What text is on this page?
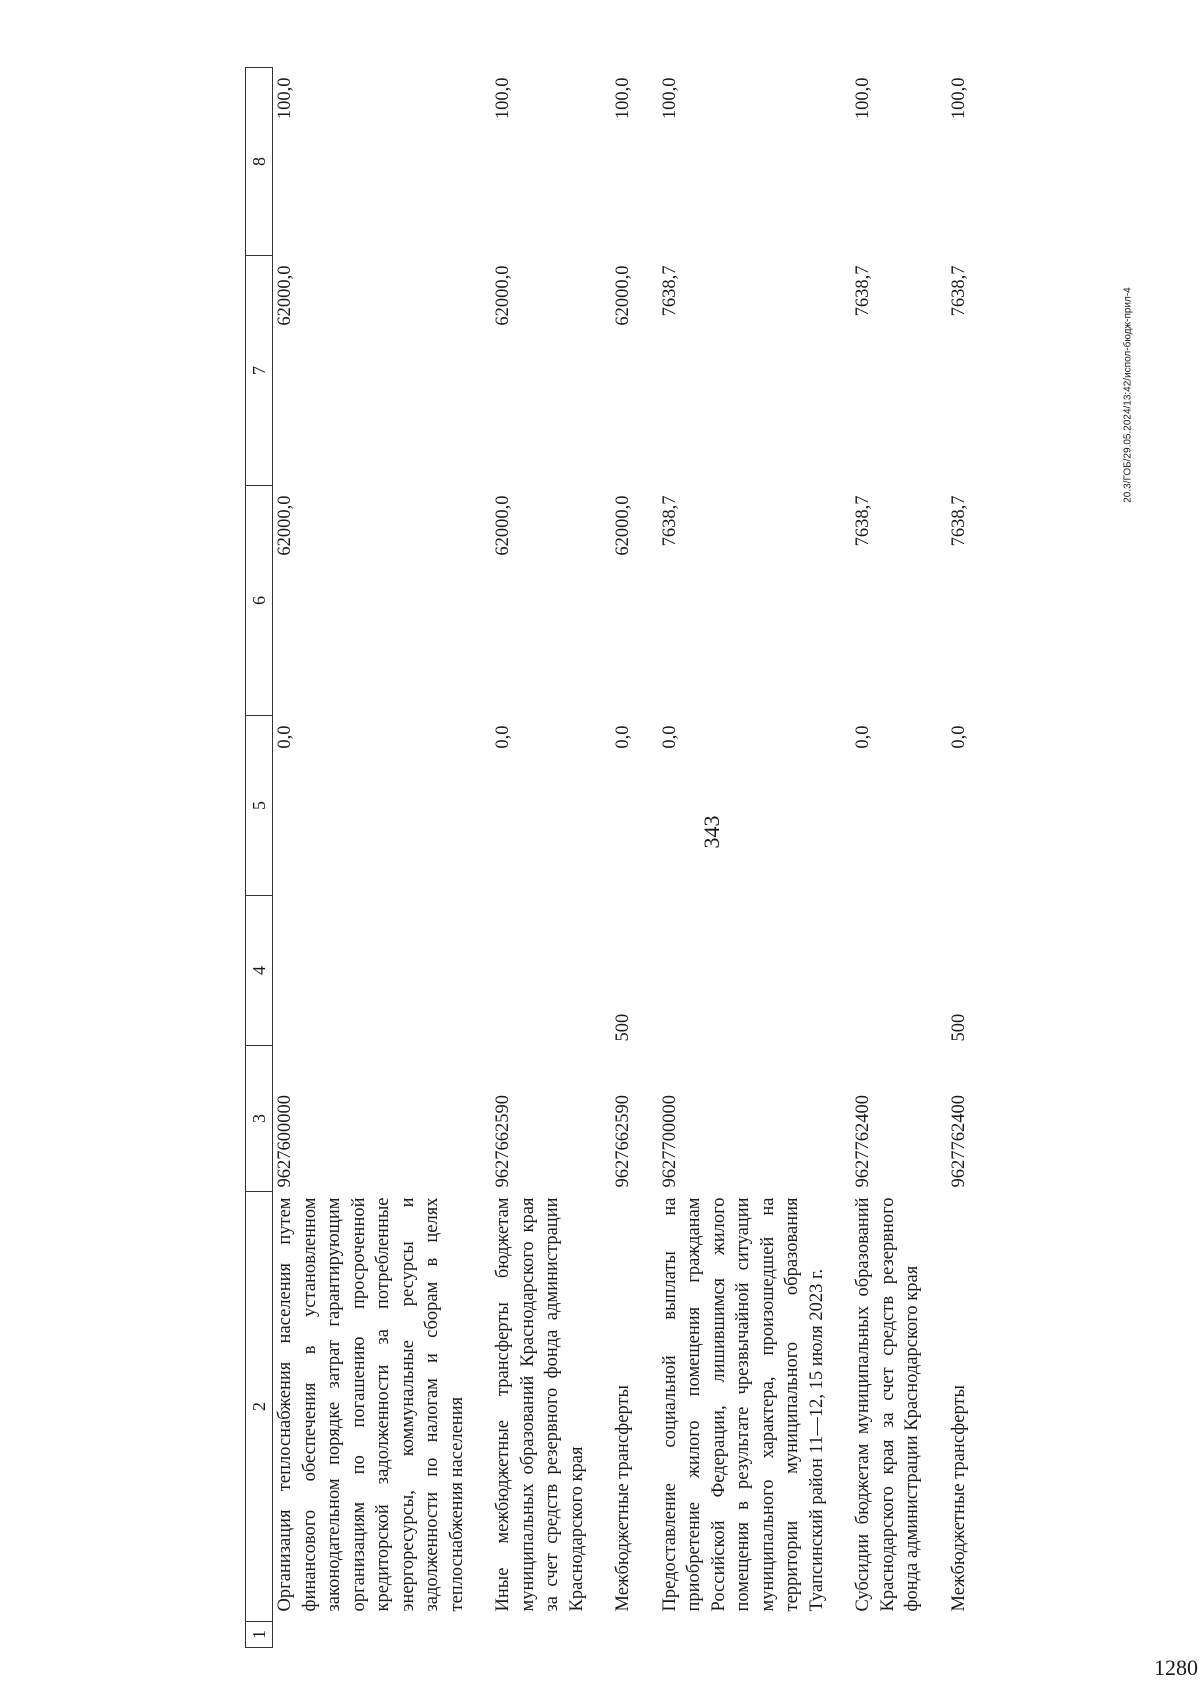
343
20.3/ГОБ/29.05.2024/13:42/испол-бюдж-прил-4
1280
1	2	3	4	5	6	7	8
	Организация теплоснабжения населения путем финансового обеспечения в установленном законодательном порядке затрат гарантирующим организациям по погашению просроченной кредиторской задолженности за потребленные энергоресурсы, коммунальные ресурсы и задолженности по налогам и сборам в целях теплоснабжения населения	9627600000		0,0	62000,0	62000,0	100,0
	Иные межбюджетные трансферты бюджетам муниципальных образований Краснодарского края за счет средств резервного фонда администрации Краснодарского края	9627662590		0,0	62000,0	62000,0	100,0
	Межбюджетные трансферты	9627662590	500	0,0	62000,0	62000,0	100,0
	Предоставление социальной выплаты на приобретение жилого помещения гражданам Российской Федерации, лишившимся жилого помещения в результате чрезвычайной ситуации муниципального характера, произошедшей на территории муниципального образования Туапсинский район 11—12, 15 июля 2023 г.	9627700000		0,0	7638,7	7638,7	100,0
	Субсидии бюджетам муниципальных образований Краснодарского края за счет средств резервного фонда администрации Краснодарского края	9627762400		0,0	7638,7	7638,7	100,0
	Межбюджетные трансферты	9627762400	500	0,0	7638,7	7638,7	100,0
